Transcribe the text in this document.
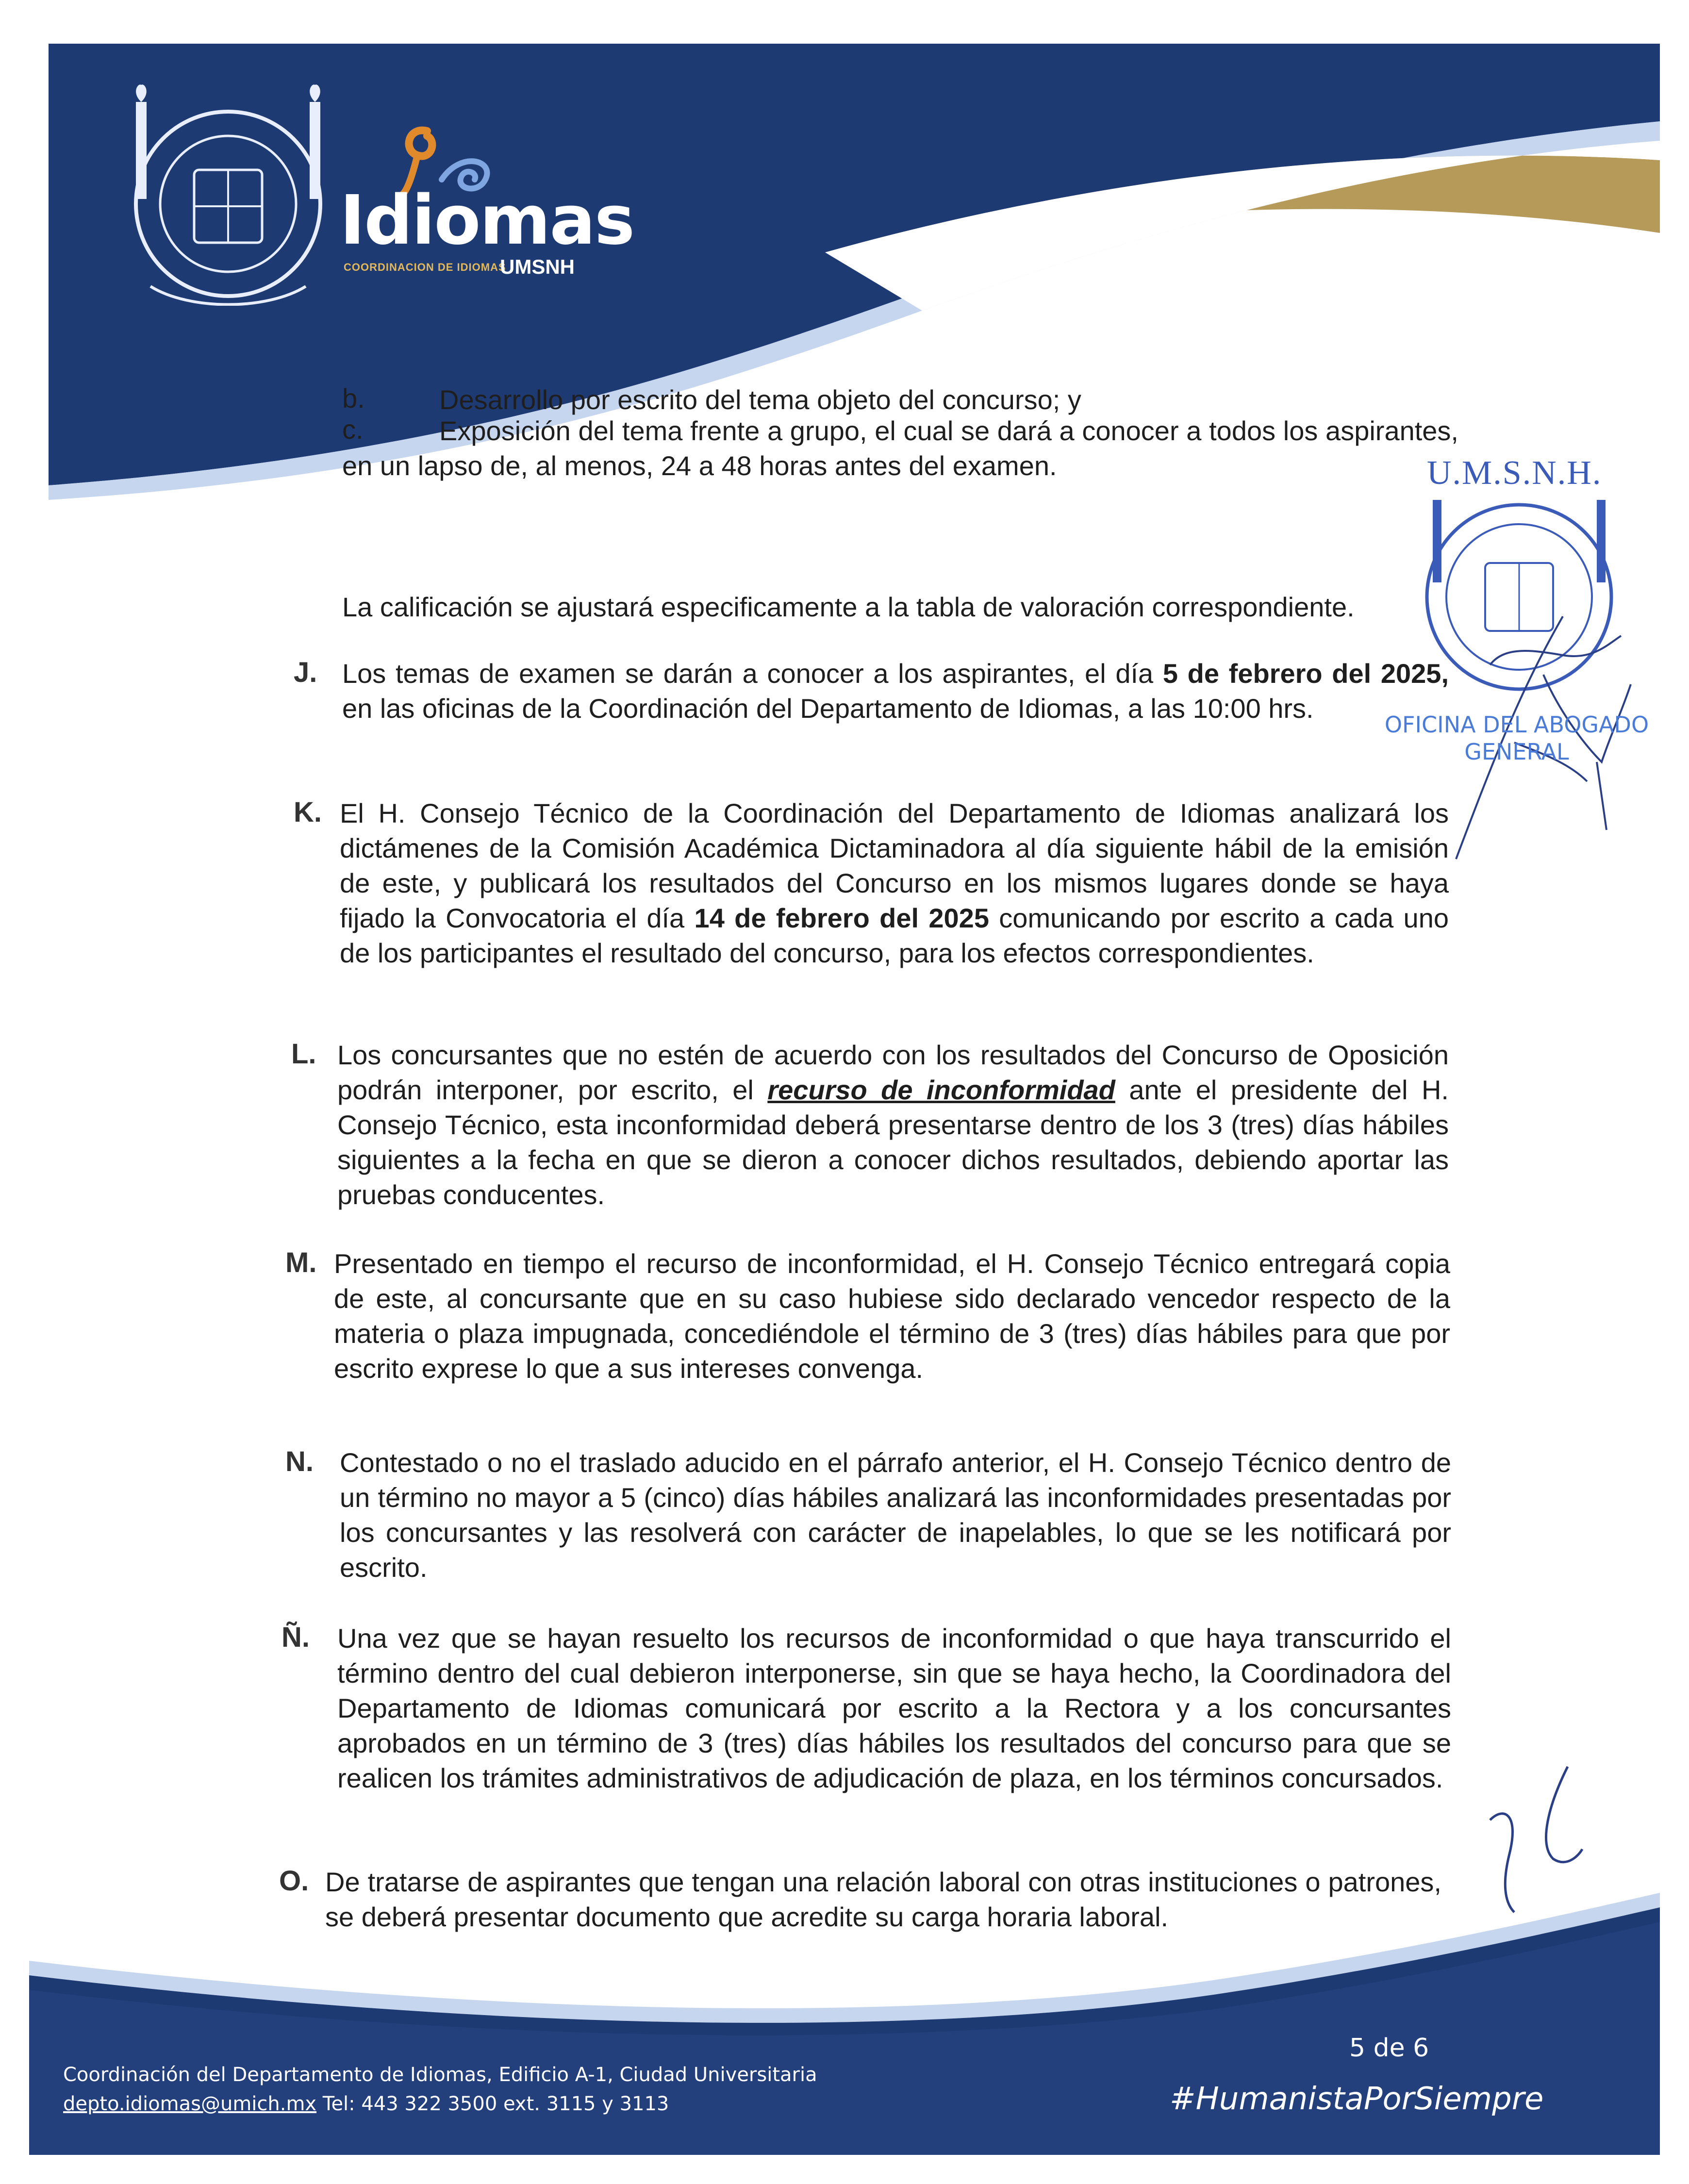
Idiomas
COORDINACION DE IDIOMAS
UMSNH
b.	Desarrollo por escrito del tema objeto del concurso; y
c.	Exposición del tema frente a grupo, el cual se dará a conocer a todos los aspirantes, en un lapso de, al menos, 24 a 48 horas antes del examen.
La calificación se ajustará especificamente a la tabla de valoración correspondiente.
J. Los temas de examen se darán a conocer a los aspirantes, el día 5 de febrero del 2025, en las oficinas de la Coordinación del Departamento de Idiomas, a las 10:00 hrs.
K. El H. Consejo Técnico de la Coordinación del Departamento de Idiomas analizará los dictámenes de la Comisión Académica Dictaminadora al día siguiente hábil de la emisión de este, y publicará los resultados del Concurso en los mismos lugares donde se haya fijado la Convocatoria el día 14 de febrero del 2025 comunicando por escrito a cada uno de los participantes el resultado del concurso, para los efectos correspondientes.
L. Los concursantes que no estén de acuerdo con los resultados del Concurso de Oposición podrán interponer, por escrito, el recurso de inconformidad ante el presidente del H. Consejo Técnico, esta inconformidad deberá presentarse dentro de los 3 (tres) días hábiles siguientes a la fecha en que se dieron a conocer dichos resultados, debiendo aportar las pruebas conducentes.
M. Presentado en tiempo el recurso de inconformidad, el H. Consejo Técnico entregará copia de este, al concursante que en su caso hubiese sido declarado vencedor respecto de la materia o plaza impugnada, concediéndole el término de 3 (tres) días hábiles para que por escrito exprese lo que a sus intereses convenga.
N. Contestado o no el traslado aducido en el párrafo anterior, el H. Consejo Técnico dentro de un término no mayor a 5 (cinco) días hábiles analizará las inconformidades presentadas por los concursantes y las resolverá con carácter de inapelables, lo que se les notificará por escrito.
Ñ. Una vez que se hayan resuelto los recursos de inconformidad o que haya transcurrido el término dentro del cual debieron interponerse, sin que se haya hecho, la Coordinadora del Departamento de Idiomas comunicará por escrito a la Rectora y a los concursantes aprobados en un término de 3 (tres) días hábiles los resultados del concurso para que se realicen los trámites administrativos de adjudicación de plaza, en los términos concursados.
O. De tratarse de aspirantes que tengan una relación laboral con otras instituciones o patrones, se deberá presentar documento que acredite su carga horaria laboral.
U.M.S.N.H.
OFICINA DEL ABOGADO
GENERAL
Coordinación del Departamento de Idiomas, Edificio A-1, Ciudad Universitaria
depto.idiomas@umich.mx Tel: 443 322 3500 ext. 3115 y 3113
5 de 6
#HumanistaPorSiempre
